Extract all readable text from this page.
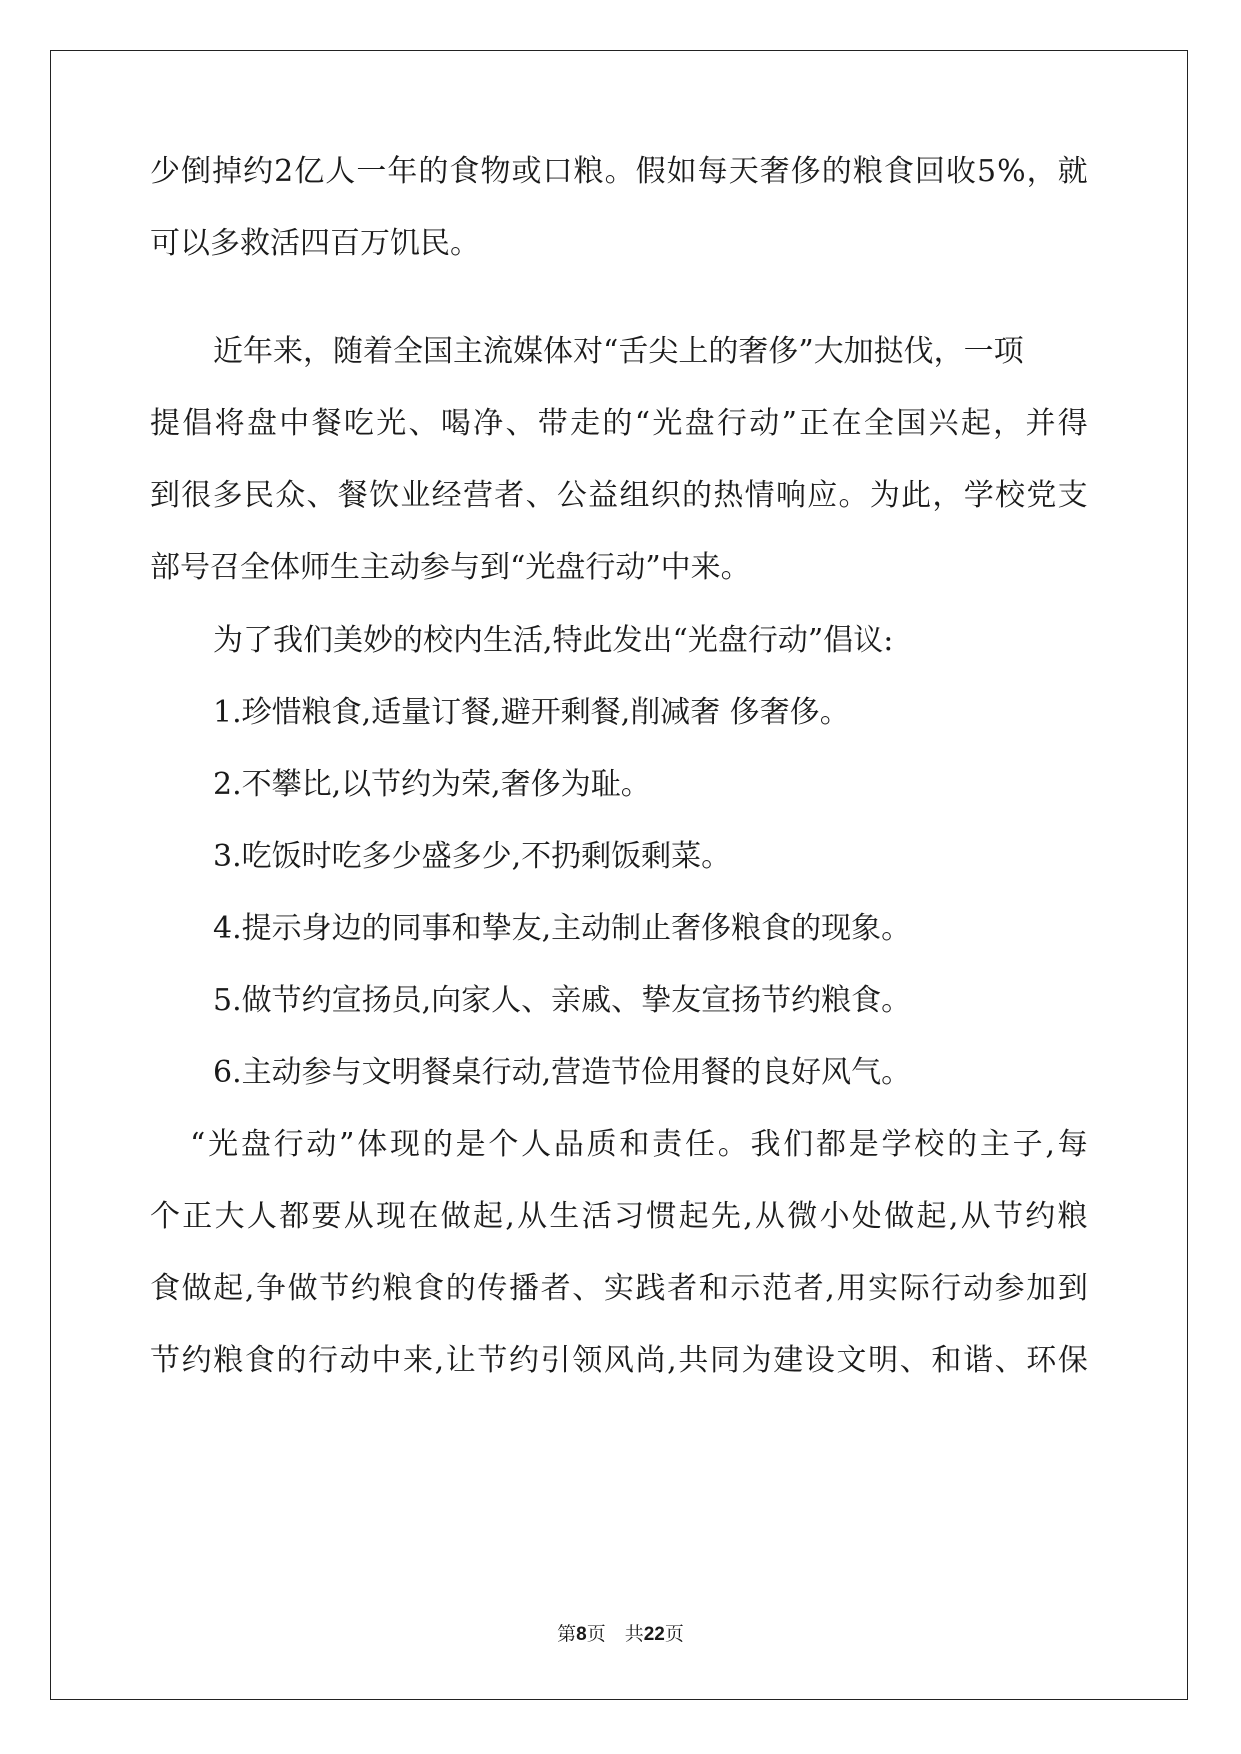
少 倒 掉 约 2 亿 人 一 年 的 食 物 或 口 粮 。 假 如 每 天 奢 侈 的 粮 食 回 收 5 % ， 就
可以多救活四百万饥民。
近年来，随着全国主流媒体对“舌尖上的奢侈”大加挞伐，一项
提 倡 将 盘 中 餐 吃 光 、 喝 净 、 带 走 的 “ 光 盘 行 动 ” 正 在 全 国 兴 起 ， 并 得
到 很 多 民 众 、 餐 饮 业 经 营 者 、 公 益 组 织 的 热 情 响 应 。 为 此 ， 学 校 党 支
部号召全体师生主动参与到“光盘行动”中来。
为了我们美妙的校内生活,特此发出“光盘行动”倡议:
1.珍惜粮食,适量订餐,避开剩餐,削减奢 侈奢侈。
2.不攀比,以节约为荣,奢侈为耻。
3.吃饭时吃多少盛多少,不扔剩饭剩菜。
4.提示身边的同事和挚友,主动制止奢侈粮食的现象。
5.做节约宣扬员,向家人、亲戚、挚友宣扬节约粮食。
6.主动参与文明餐桌行动,营造节俭用餐的良好风气。
“ 光 盘 行 动 ” 体 现 的 是 个 人 品 质 和 责 任 。 我 们 都 是 学 校 的 主 子 , 每
个 正 大 人 都 要 从 现 在 做 起 , 从 生 活 习 惯 起 先 , 从 微 小 处 做 起 , 从 节 约 粮
食 做 起 , 争 做 节 约 粮 食 的 传 播 者 、 实 践 者 和 示 范 者 , 用 实 际 行 动 参 加 到
节 约 粮 食 的 行 动 中 来 , 让 节 约 引 领 风 尚 , 共 同 为 建 设 文 明 、 和 谐 、 环 保
第8页　共22页
